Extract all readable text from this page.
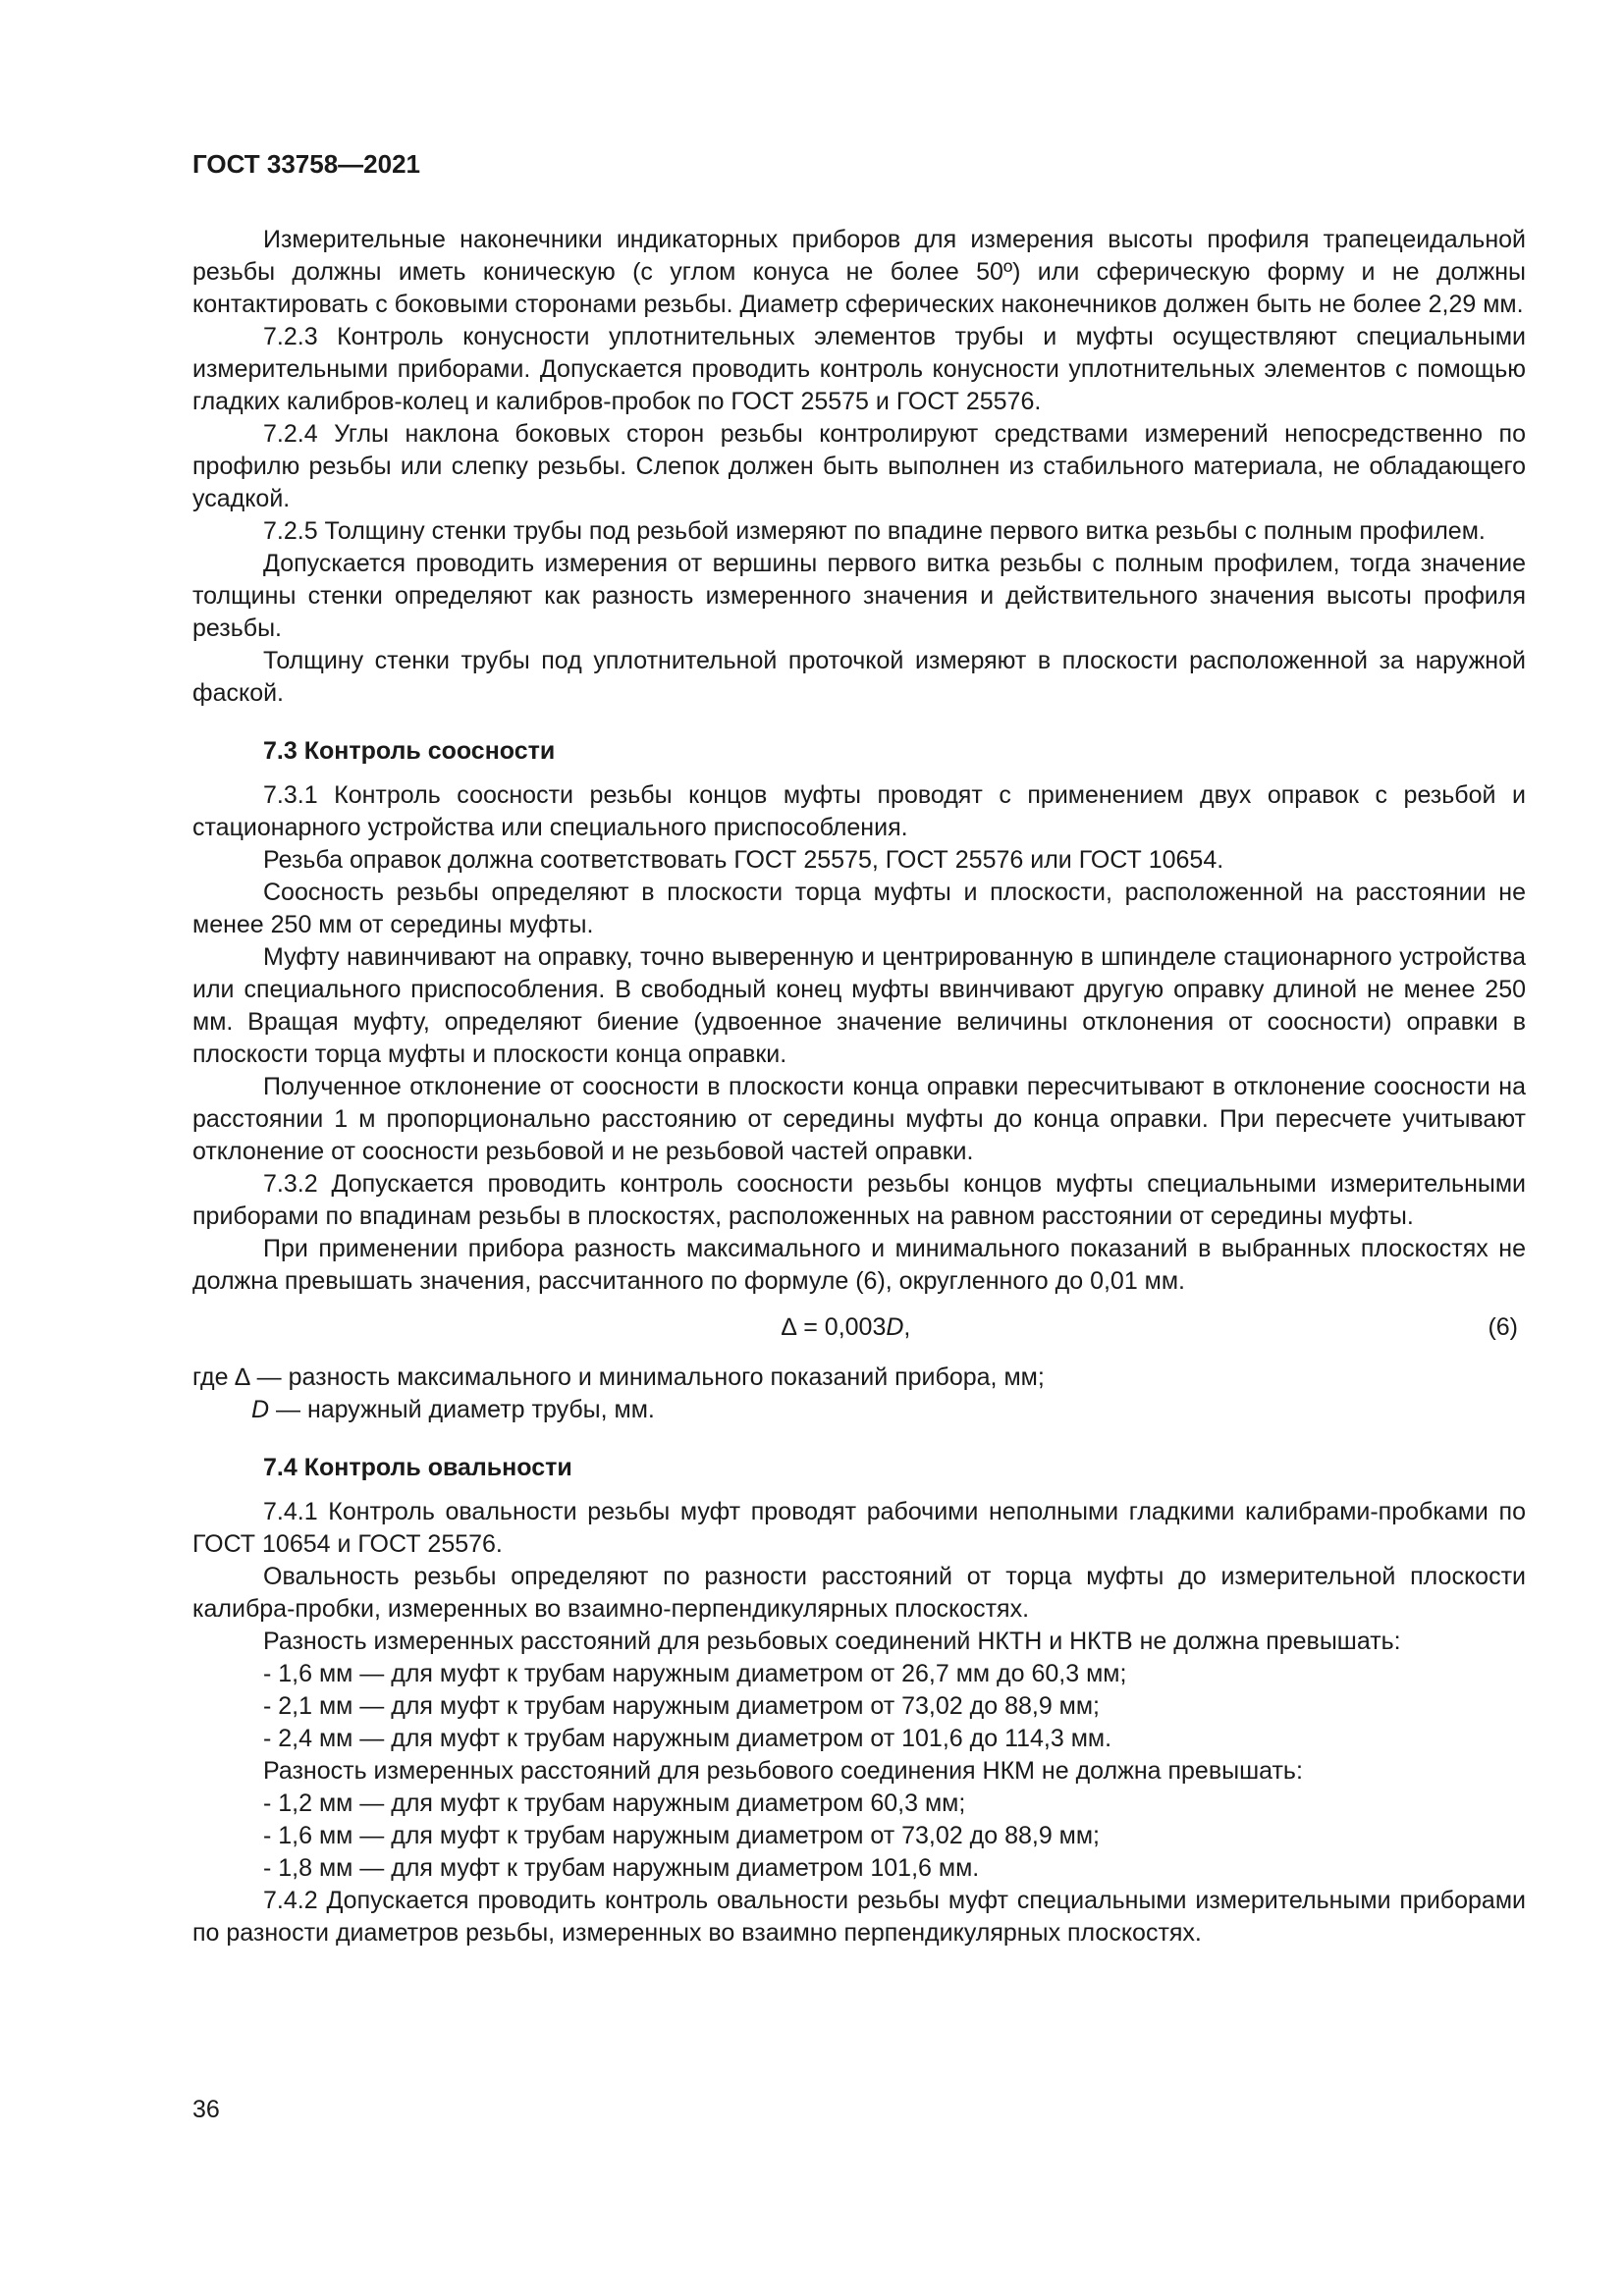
ГОСТ 33758—2021

Измерительные наконечники индикаторных приборов для измерения высоты профиля трапецеидальной резьбы должны иметь коническую (с углом конуса не более 50º) или сферическую форму и не должны контактировать с боковыми сторонами резьбы. Диаметр сферических наконечников должен быть не более 2,29 мм.

7.2.3 Контроль конусности уплотнительных элементов трубы и муфты осуществляют специальными измерительными приборами. Допускается проводить контроль конусности уплотнительных элементов с помощью гладких калибров-колец и калибров-пробок по ГОСТ 25575 и ГОСТ 25576.

7.2.4 Углы наклона боковых сторон резьбы контролируют средствами измерений непосредственно по профилю резьбы или слепку резьбы. Слепок должен быть выполнен из стабильного материала, не обладающего усадкой.

7.2.5 Толщину стенки трубы под резьбой измеряют по впадине первого витка резьбы с полным профилем.

Допускается проводить измерения от вершины первого витка резьбы с полным профилем, тогда значение толщины стенки определяют как разность измеренного значения и действительного значения высоты профиля резьбы.

Толщину стенки трубы под уплотнительной проточкой измеряют в плоскости расположенной за наружной фаской.

7.3 Контроль соосности

7.3.1 Контроль соосности резьбы концов муфты проводят с применением двух оправок с резьбой и стационарного устройства или специального приспособления.

Резьба оправок должна соответствовать ГОСТ 25575, ГОСТ 25576 или ГОСТ 10654.

Соосность резьбы определяют в плоскости торца муфты и плоскости, расположенной на расстоянии не менее 250 мм от середины муфты.

Муфту навинчивают на оправку, точно выверенную и центрированную в шпинделе стационарного устройства или специального приспособления. В свободный конец муфты ввинчивают другую оправку длиной не менее 250 мм. Вращая муфту, определяют биение (удвоенное значение величины отклонения от соосности) оправки в плоскости торца муфты и плоскости конца оправки.

Полученное отклонение от соосности в плоскости конца оправки пересчитывают в отклонение соосности на расстоянии 1 м пропорционально расстоянию от середины муфты до конца оправки. При пересчете учитывают отклонение от соосности резьбовой и не резьбовой частей оправки.

7.3.2 Допускается проводить контроль соосности резьбы концов муфты специальными измерительными приборами по впадинам резьбы в плоскостях, расположенных на равном расстоянии от середины муфты.

При применении прибора разность максимального и минимального показаний в выбранных плоскостях не должна превышать значения, рассчитанного по формуле (6), округленного до 0,01 мм.

∆ = 0,003D,	(6)

где ∆ — разность максимального и минимального показаний прибора, мм;

D — наружный диаметр трубы, мм.

7.4 Контроль овальности

7.4.1 Контроль овальности резьбы муфт проводят рабочими неполными гладкими калибрами-пробками по ГОСТ 10654 и ГОСТ 25576.

Овальность резьбы определяют по разности расстояний от торца муфты до измерительной плоскости калибра-пробки, измеренных во взаимно-перпендикулярных плоскостях.

Разность измеренных расстояний для резьбовых соединений НКТН и НКТВ не должна превышать:

- 1,6 мм — для муфт к трубам наружным диаметром от 26,7 мм до 60,3 мм;

- 2,1 мм — для муфт к трубам наружным диаметром от 73,02 до 88,9 мм;

- 2,4 мм — для муфт к трубам наружным диаметром от 101,6 до 114,3 мм.

Разность измеренных расстояний для резьбового соединения НКМ не должна превышать:

- 1,2 мм — для муфт к трубам наружным диаметром 60,3 мм;

- 1,6 мм — для муфт к трубам наружным диаметром от 73,02 до 88,9 мм;

- 1,8 мм — для муфт к трубам наружным диаметром 101,6 мм.

7.4.2 Допускается проводить контроль овальности резьбы муфт специальными измерительными приборами по разности диаметров резьбы, измеренных во взаимно перпендикулярных плоскостях.

36
